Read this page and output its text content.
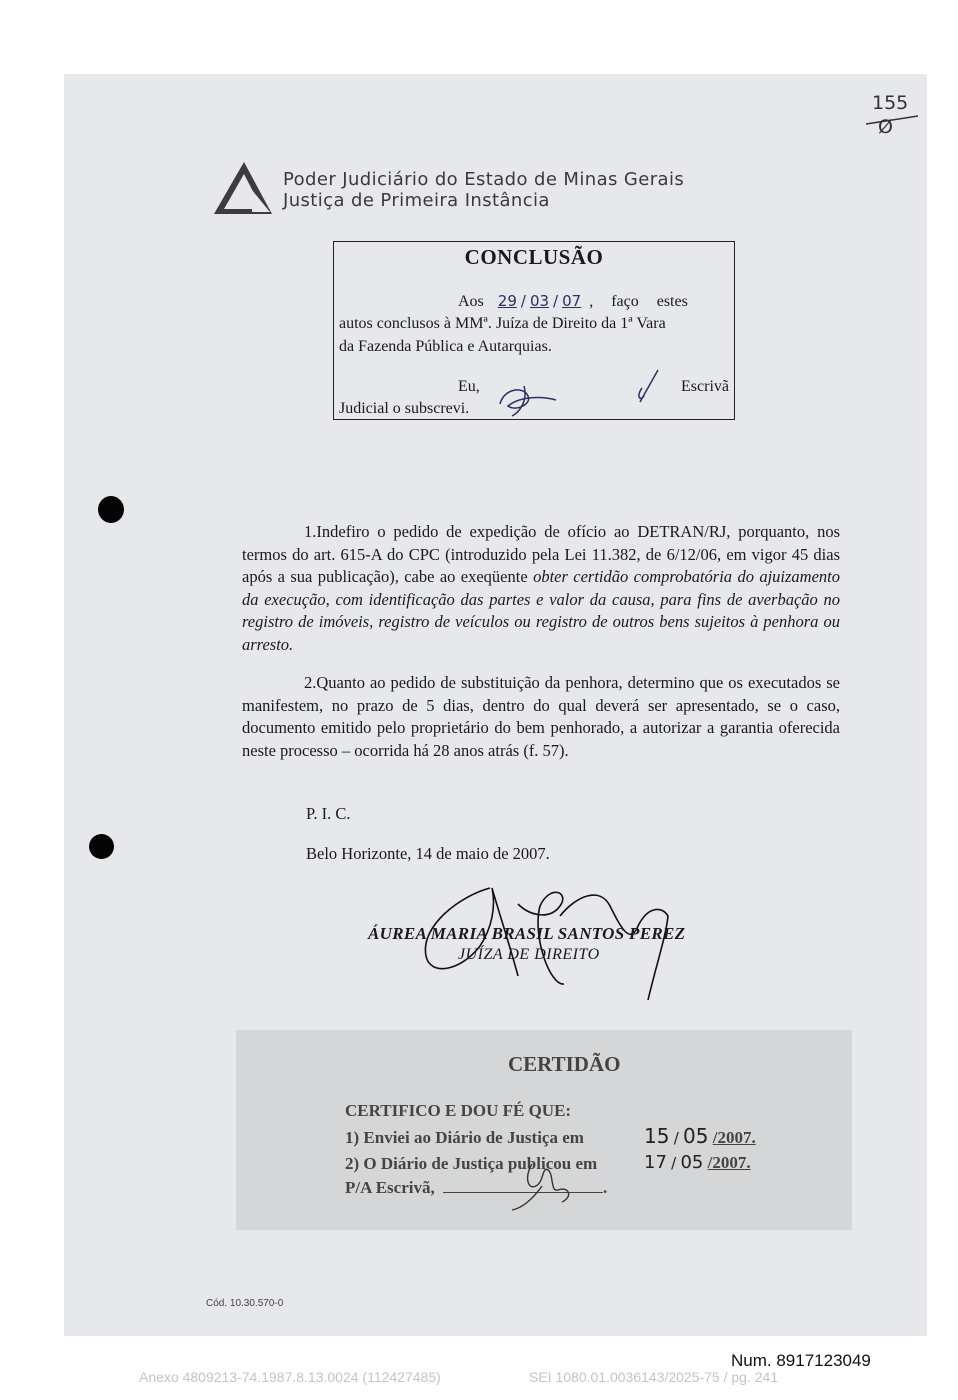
155
Ø
Poder Judiciário do Estado de Minas Gerais
Justiça de Primeira Instância
CONCLUSÃO
Aos 29 / 03 / 07 , faço estes
autos conclusos à MMª. Juíza de Direito da 1ª Vara
da Fazenda Pública e Autarquias.
Eu,	Escrivã
Judicial o subscrevi.
1.Indefiro o pedido de expedição de ofício ao DETRAN/RJ, porquanto, nos termos do art. 615-A do CPC (introduzido pela Lei 11.382, de 6/12/06, em vigor 45 dias após a sua publicação), cabe ao exeqüente obter certidão comprobatória do ajuizamento da execução, com identificação das partes e valor da causa, para fins de averbação no registro de imóveis, registro de veículos ou registro de outros bens sujeitos à penhora ou arresto.
2.Quanto ao pedido de substituição da penhora, determino que os executados se manifestem, no prazo de 5 dias, dentro do qual deverá ser apresentado, se o caso, documento emitido pelo proprietário do bem penhorado, a autorizar a garantia oferecida neste processo – ocorrida há 28 anos atrás (f. 57).
P. I. C.
Belo Horizonte, 14 de maio de 2007.
ÁUREA MARIA BRASIL SANTOS PEREZ
JUÍZA DE DIREITO
CERTIDÃO
CERTIFICO E DOU FÉ QUE:
1) Enviei ao Diário de Justiça em	15 / 05 /2007.
2) O Diário de Justiça publicou em	17 / 05 /2007.
P/A Escrivã,	.
Cód. 10.30.570-0
Num. 8917123049
Anexo 4809213-74.1987.8.13.0024 (112427485)	SEI 1080.01.0036143/2025-75 / pg. 241
